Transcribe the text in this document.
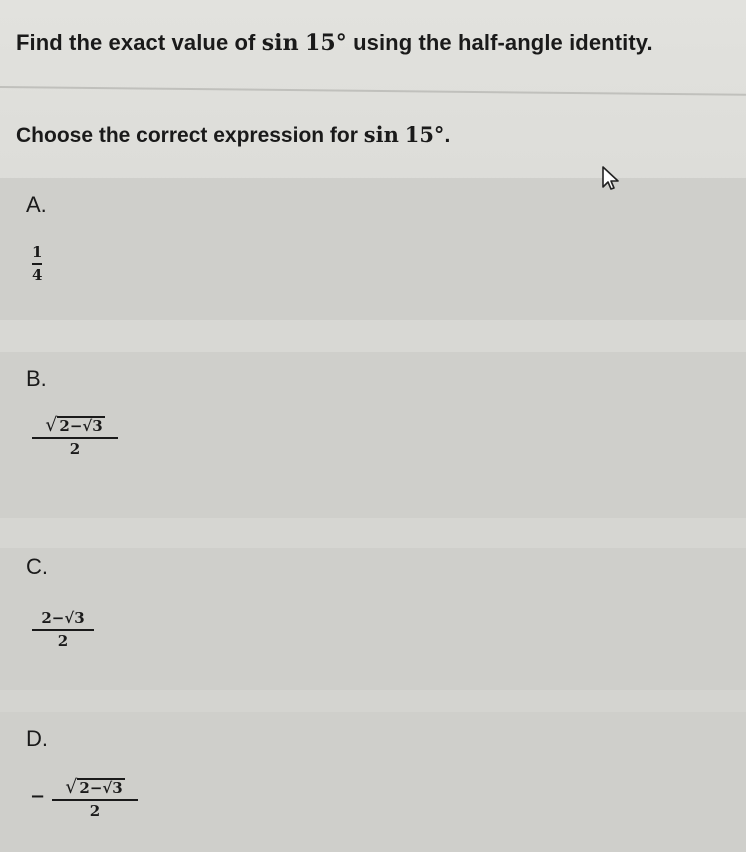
Find the exact value of sin 15° using the half-angle identity.
Choose the correct expression for sin 15°.
A.
1
4
B.
√ 2−√3
2
C.
2−√3
2
D.
− √ 2−√3
2
